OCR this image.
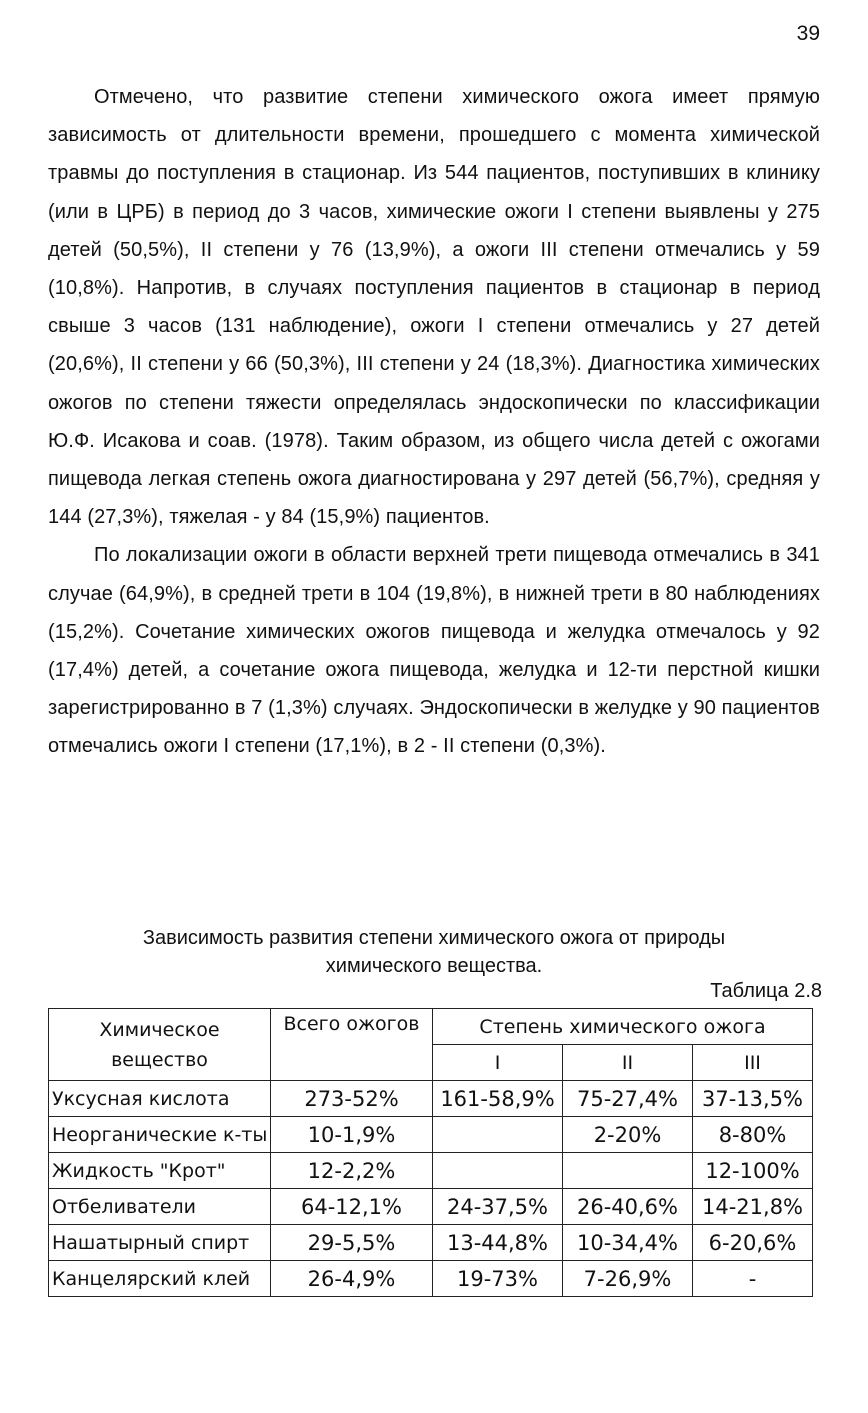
39

Отмечено, что развитие степени химического ожога имеет прямую зависимость от длительности времени, прошедшего с момента химической травмы до поступления в стационар. Из 544 пациентов, поступивших в клинику (или в ЦРБ) в период до 3 часов, химические ожоги I степени выявлены у 275 детей (50,5%), II степени у 76 (13,9%), а ожоги III степени отмечались у 59 (10,8%). Напротив, в случаях поступления пациентов в стационар в период свыше 3 часов (131 наблюдение), ожоги I степени отмечались у 27 детей (20,6%), II степени у 66 (50,3%), III степени у 24 (18,3%). Диагностика химических ожогов по степени тяжести определялась эндоскопически по классификации Ю.Ф. Исакова и соав. (1978). Таким образом, из общего числа детей с ожогами пищевода легкая степень ожога диагностирована у 297 детей (56,7%), средняя у 144 (27,3%), тяжелая - у 84 (15,9%) пациентов.

По локализации ожоги в области верхней трети пищевода отмечались в 341 случае (64,9%), в средней трети в 104 (19,8%), в нижней трети в 80 наблюдениях (15,2%). Сочетание химических ожогов пищевода и желудка отмечалось у 92 (17,4%) детей, а сочетание ожога пищевода, желудка и 12-ти перстной кишки зарегистрированно в 7 (1,3%) случаях. Эндоскопически в желудке у 90 пациентов отмечались ожоги I степени (17,1%), в 2 - II степени (0,3%).

Зависимость развития степени химического ожога от природы
химического вещества.
Таблица 2.8
Химическое вещество	Всего ожогов	Степень химического ожога		
		I	II	III
Уксусная кислота	273-52%	161-58,9%	75-27,4%	37-13,5%
Неорганические к-ты	10-1,9%		2-20%	8-80%
Жидкость "Крот"	12-2,2%			12-100%
Отбеливатели	64-12,1%	24-37,5%	26-40,6%	14-21,8%
Нашатырный спирт	29-5,5%	13-44,8%	10-34,4%	6-20,6%
Канцелярский клей	26-4,9%	19-73%	7-26,9%	-
